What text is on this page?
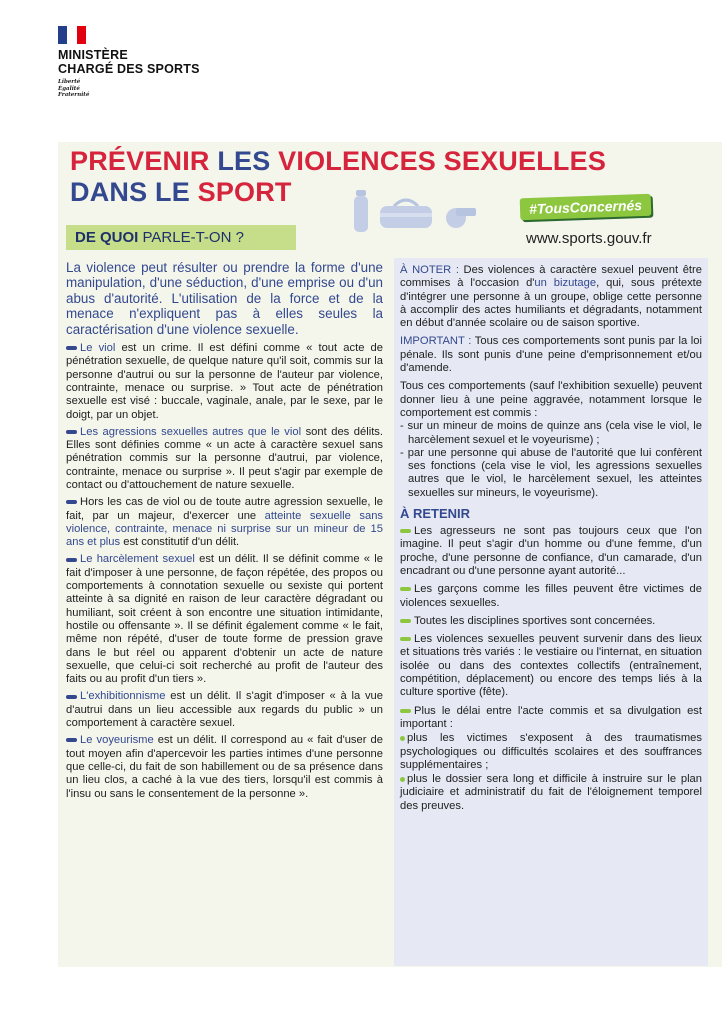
MINISTÈRE
CHARGÉ DES SPORTS
Liberté
Égalité
Fraternité
PRÉVENIR LES VIOLENCES SEXUELLES
DANS LE SPORT	#TousConcernés
www.sports.gouv.fr
DE QUOI PARLE-T-ON ?

La violence peut résulter ou prendre la forme d'une manipulation, d'une séduction, d'une emprise ou d'un abus d'autorité. L'utilisation de la force et de la menace n'expliquent pas à elles seules la caractérisation d'une violence sexuelle.

Le viol est un crime. Il est défini comme « tout acte de pénétration sexuelle, de quelque nature qu'il soit, commis sur la personne d'autrui ou sur la personne de l'auteur par violence, contrainte, menace ou surprise. » Tout acte de pénétration sexuelle est visé : buccale, vaginale, anale, par le sexe, par le doigt, par un objet.

Les agressions sexuelles autres que le viol sont des délits. Elles sont définies comme « un acte à caractère sexuel sans pénétration commis sur la personne d'autrui, par violence, contrainte, menace ou surprise ». Il peut s'agir par exemple de contact ou d'attouchement de nature sexuelle.

Hors les cas de viol ou de toute autre agression sexuelle, le fait, par un majeur, d'exercer une atteinte sexuelle sans violence, contrainte, menace ni surprise sur un mineur de 15 ans et plus est constitutif d'un délit.

Le harcèlement sexuel est un délit. Il se définit comme « le fait d'imposer à une personne, de façon répétée, des propos ou comportements à connotation sexuelle ou sexiste qui portent atteinte à sa dignité en raison de leur caractère dégradant ou humiliant, soit créent à son encontre une situation intimidante, hostile ou offensante ». Il se définit également comme « le fait, même non répété, d'user de toute forme de pression grave dans le but réel ou apparent d'obtenir un acte de nature sexuelle, que celui-ci soit recherché au profit de l'auteur des faits ou au profit d'un tiers ».

L'exhibitionnisme est un délit. Il s'agit d'imposer « à la vue d'autrui dans un lieu accessible aux regards du public » un comportement à caractère sexuel.

Le voyeurisme est un délit. Il correspond au « fait d'user de tout moyen afin d'apercevoir les parties intimes d'une personne que celle-ci, du fait de son habillement ou de sa présence dans un lieu clos, a caché à la vue des tiers, lorsqu'il est commis à l'insu ou sans le consentement de la personne ».

À NOTER : Des violences à caractère sexuel peuvent être commises à l'occasion d'un bizutage, qui, sous prétexte d'intégrer une personne à un groupe, oblige cette personne à accomplir des actes humiliants et dégradants, notamment en début d'année scolaire ou de saison sportive.

IMPORTANT : Tous ces comportements sont punis par la loi pénale. Ils sont punis d'une peine d'emprisonnement et/ou d'amende.

Tous ces comportements (sauf l'exhibition sexuelle) peuvent donner lieu à une peine aggravée, notamment lorsque le comportement est commis :

- sur un mineur de moins de quinze ans (cela vise le viol, le harcèlement sexuel et le voyeurisme) ;

- par une personne qui abuse de l'autorité que lui confèrent ses fonctions (cela vise le viol, les agressions sexuelles autres que le viol, le harcèlement sexuel, les atteintes sexuelles sur mineurs, le voyeurisme).

À RETENIR

Les agresseurs ne sont pas toujours ceux que l'on imagine. Il peut s'agir d'un homme ou d'une femme, d'un proche, d'une personne de confiance, d'un camarade, d'un encadrant ou d'une personne ayant autorité...

Les garçons comme les filles peuvent être victimes de violences sexuelles.

Toutes les disciplines sportives sont concernées.

Les violences sexuelles peuvent survenir dans des lieux et situations très variés : le vestiaire ou l'internat, en situation isolée ou dans des contextes collectifs (entraînement, compétition, déplacement) ou encore des temps liés à la culture sportive (fête).

Plus le délai entre l'acte commis et sa divulgation est important :

plus les victimes s'exposent à des traumatismes psychologiques ou difficultés scolaires et des souffrances supplémentaires ;

plus le dossier sera long et difficile à instruire sur le plan judiciaire et administratif du fait de l'éloignement temporel des preuves.
